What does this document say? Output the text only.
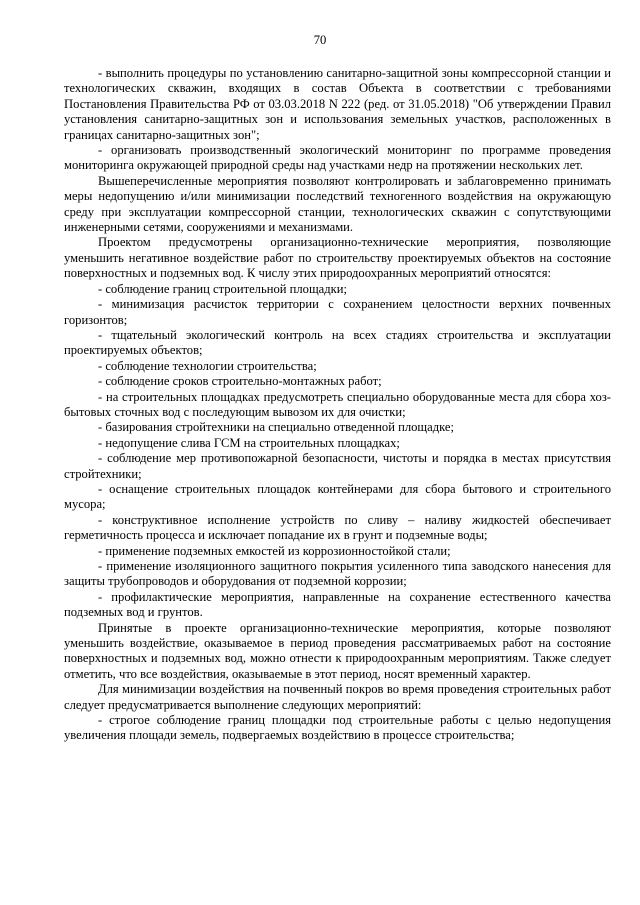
70

- выполнить процедуры по установлению санитарно-защитной зоны компрессорной станции и технологических скважин, входящих в состав Объекта в соответствии с требованиями Постановления Правительства РФ от 03.03.2018 N 222 (ред. от 31.05.2018) "Об утверждении Правил установления санитарно-защитных зон и использования земельных участков, расположенных в границах санитарно-защитных зон";

- организовать производственный экологический мониторинг по программе проведения мониторинга окружающей природной среды над участками недр на протяжении нескольких лет.

Вышеперечисленные мероприятия позволяют контролировать и заблаговременно принимать меры недопущению и/или минимизации последствий техногенного воздействия на окружающую среду при эксплуатации компрессорной станции, технологических скважин с сопутствующими инженерными сетями, сооружениями и механизмами.

Проектом предусмотрены организационно-технические мероприятия, позволяющие уменьшить негативное воздействие работ по строительству проектируемых объектов на состояние поверхностных и подземных вод. К числу этих природоохранных мероприятий относятся:

- соблюдение границ строительной площадки;

- минимизация расчисток территории с сохранением целостности верхних почвенных горизонтов;

- тщательный экологический контроль на всех стадиях строительства и эксплуатации проектируемых объектов;

- соблюдение технологии строительства;

- соблюдение сроков строительно-монтажных работ;

- на строительных площадках предусмотреть специально оборудованные места для сбора хоз-бытовых сточных вод с последующим вывозом их для очистки;

- базирования стройтехники на специально отведенной площадке;

- недопущение слива ГСМ на строительных площадках;

- соблюдение мер противопожарной безопасности, чистоты и порядка в местах присутствия стройтехники;

- оснащение строительных площадок контейнерами для сбора бытового и строительного мусора;

- конструктивное исполнение устройств по сливу – наливу жидкостей обеспечивает герметичность процесса и исключает попадание их в грунт и подземные воды;

- применение подземных емкостей из коррозионностойкой стали;

- применение изоляционного защитного покрытия усиленного типа заводского нанесения для защиты трубопроводов и оборудования от подземной коррозии;

- профилактические мероприятия, направленные на сохранение естественного качества подземных вод и грунтов.

Принятые в проекте организационно-технические мероприятия, которые позволяют уменьшить воздействие, оказываемое в период проведения рассматриваемых работ на состояние поверхностных и подземных вод, можно отнести к природоохранным мероприятиям. Также следует отметить, что все воздействия, оказываемые в этот период, носят временный характер.

Для минимизации воздействия на почвенный покров во время проведения строительных работ следует предусматривается выполнение следующих мероприятий:

- строгое соблюдение границ площадки под строительные работы с целью недопущения увеличения площади земель, подвергаемых воздействию в процессе строительства;
